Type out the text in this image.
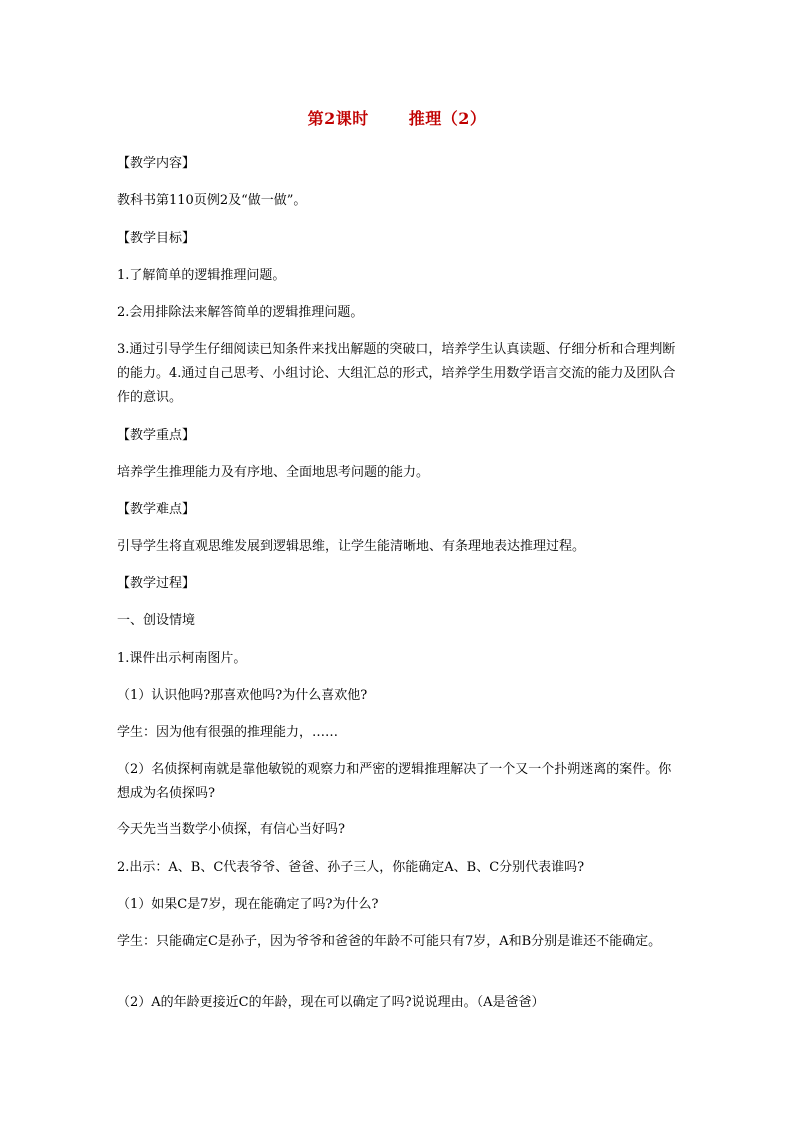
第2课时	推理（2）
【教学内容】
教科书第110页例2及“做一做”。
【教学目标】
1.了解简单的逻辑推理问题。
2.会用排除法来解答简单的逻辑推理问题。
3.通过引导学生仔细阅读已知条件来找出解题的突破口，培养学生认真读题、仔细分析和合理判断的能力。4.通过自己思考、小组讨论、大组汇总的形式，培养学生用数学语言交流的能力及团队合作的意识。
【教学重点】
培养学生推理能力及有序地、全面地思考问题的能力。
【教学难点】
引导学生将直观思维发展到逻辑思维，让学生能清晰地、有条理地表达推理过程。
【教学过程】
一、创设情境
1.课件出示柯南图片。
（1）认识他吗?那喜欢他吗?为什么喜欢他?
学生：因为他有很强的推理能力，……
（2）名侦探柯南就是靠他敏锐的观察力和严密的逻辑推理解决了一个又一个扑朔迷离的案件。你想成为名侦探吗?
今天先当当数学小侦探，有信心当好吗?
2.出示：A、B、C代表爷爷、爸爸、孙子三人，你能确定A、B、C分别代表谁吗?
（1）如果C是7岁，现在能确定了吗?为什么?
学生：只能确定C是孙子，因为爷爷和爸爸的年龄不可能只有7岁，A和B分别是谁还不能确定。
（2）A的年龄更接近C的年龄，现在可以确定了吗?说说理由。（A是爸爸）
